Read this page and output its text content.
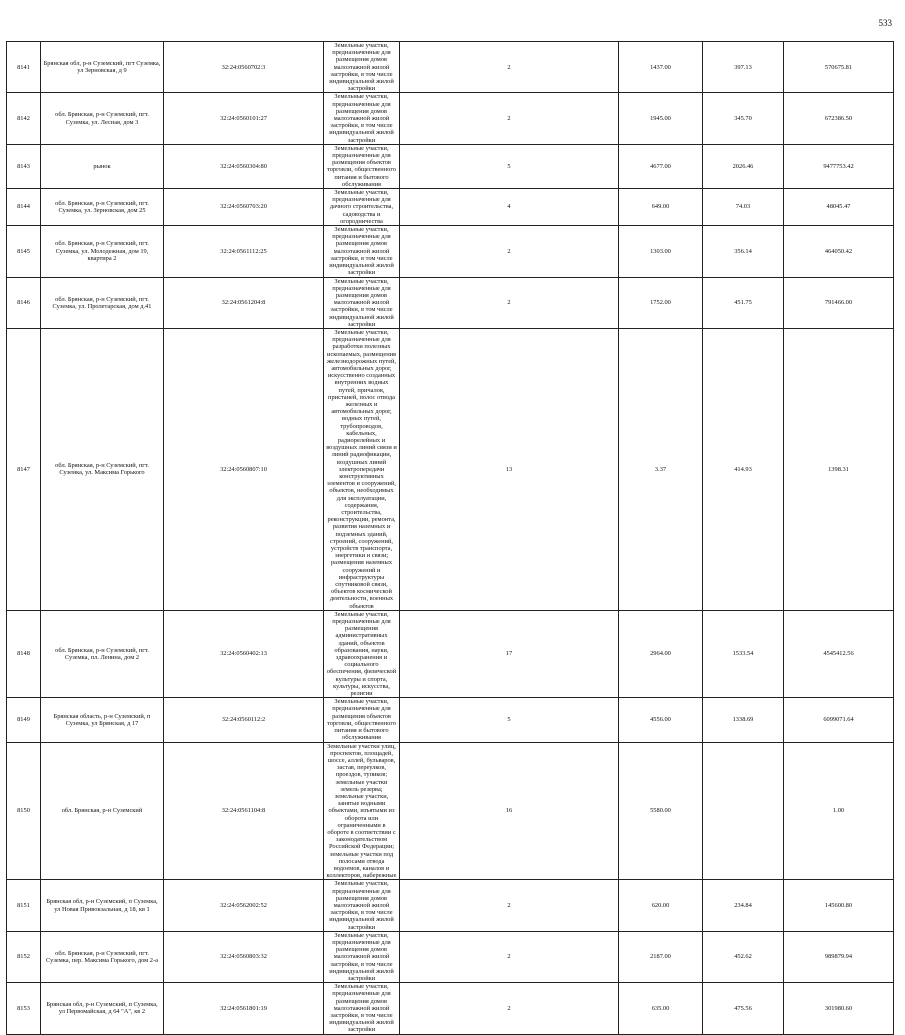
533
8141	Брянская обл, р-н Суземский, пгт Суземка, ул Зерновская, д 9	32:24:0560702:3	Земельные участки, предназначенные для размещения домов малоэтажной жилой застройки, в том числе индивидуальной жилой застройки	2	1437.00	397.13	570675.81
8142	обл. Брянская, р-н Суземский, пгт. Суземка, ул. Лесная, дом 3	32:24:0560101:27	Земельные участки, предназначенные для размещения домов малоэтажной жилой застройки, в том числе индивидуальной жилой застройки	2	1945.00	345.70	672386.50
8143	рынок	32:24:0560304:80	Земельные участки, предназначенные для размещения объектов торговли, общественного питания и бытового обслуживания	5	4677.00	2026.46	9477753.42
8144	обл. Брянская, р-н Суземский, пгт. Суземка, ул. Зерновская, дом 25	32:24:0560703:20	Земельные участки, предназначенные для дачного строительства, садоводства и огородничества	4	649.00	74.03	48045.47
8145	обл. Брянская, р-н Суземский, пгт. Суземка, ул. Молодежная, дом 19, квартира 2	32:24:0561112:25	Земельные участки, предназначенные для размещения домов малоэтажной жилой застройки, в том числе индивидуальной жилой застройки	2	1303.00	356.14	464050.42
8146	обл. Брянская, р-н Суземский, пгт. Суземка, ул. Пролетарская, дом д.41	32:24:0561204:8	Земельные участки, предназначенные для размещения домов малоэтажной жилой застройки, в том числе индивидуальной жилой застройки	2	1752.00	451.75	791466.00
8147	обл. Брянская, р-н Суземский, пгт. Суземка, ул. Максима Горького	32:24:0560807:10	Земельные участки, предназначенные для разработки полезных ископаемых, размещения железнодорожных путей, автомобильных дорог, искусственно созданных внутренних водных путей, причалов, пристаней, полос отвода железных и автомобильных дорог, водных путей, трубопроводов, кабельных, радиорелейных и воздушных линий связи и линий радиофикации, воздушных линий электропередачи конструктивных элементов и сооружений, объектов, необходимых для эксплуатации, содержания, строительства, реконструкции, ремонта, развития наземных и подземных зданий, строений, сооружений, устройств транспорта, энергетики и связи; размещения наземных сооружений и инфраструктуры спутниковой связи, объектов космической деятельности, военных объектов	13	3.37	414.93	1398.31
8148	обл. Брянская, р-н Суземский, пгт. Суземка, пл. Ленина, дом 2	32:24:0560402:13	Земельные участки, предназначенные для размещения административных зданий, объектов образования, науки, здравоохранения и социального обеспечения, физической культуры и спорта, культуры, искусства, религии	17	2964.00	1533.54	4545412.56
8149	Брянская область, р-н Суземский, п Суземка, ул Брянская, д 17	32:24:0560112:2	Земельные участки, предназначенные для размещения объектов торговли, общественного питания и бытового обслуживания	5	4556.00	1338.69	6099071.64
8150	обл. Брянская, р-н Суземский	32:24:0561104:8	Земельные участки улиц, проспектов, площадей, шоссе, аллей, бульваров, застав, переулков, проездов, тупиков; земельные участки земель резерва; земельные участки, занятые водными объектами, изъятыми из оборота или ограниченными в обороте в соответствии с законодательством Российской Федерации; земельные участки под полосами отвода водоемов, каналов и коллекторов, набережные	16	5580.00		1.00
8151	Брянская обл, р-н Суземский, п Суземка, ул Новая Привокзальная, д 18, кв 1	32:24:0562002:52	Земельные участки, предназначенные для размещения домов малоэтажной жилой застройки, в том числе индивидуальной жилой застройки	2	620.00	234.84	145600.80
8152	обл. Брянская, р-н Суземский, пгт. Суземка, пер. Максима Горького, дом 2-а	32:24:0560803:32	Земельные участки, предназначенные для размещения домов малоэтажной жилой застройки, в том числе индивидуальной жилой застройки	2	2187.00	452.62	989879.94
8153	Брянская обл, р-н Суземский, п Суземка, ул Первомайская, д 64 "А", кв 2	32:24:0561801:19	Земельные участки, предназначенные для размещения домов малоэтажной жилой застройки, в том числе индивидуальной жилой застройки	2	635.00	475.56	301980.60
